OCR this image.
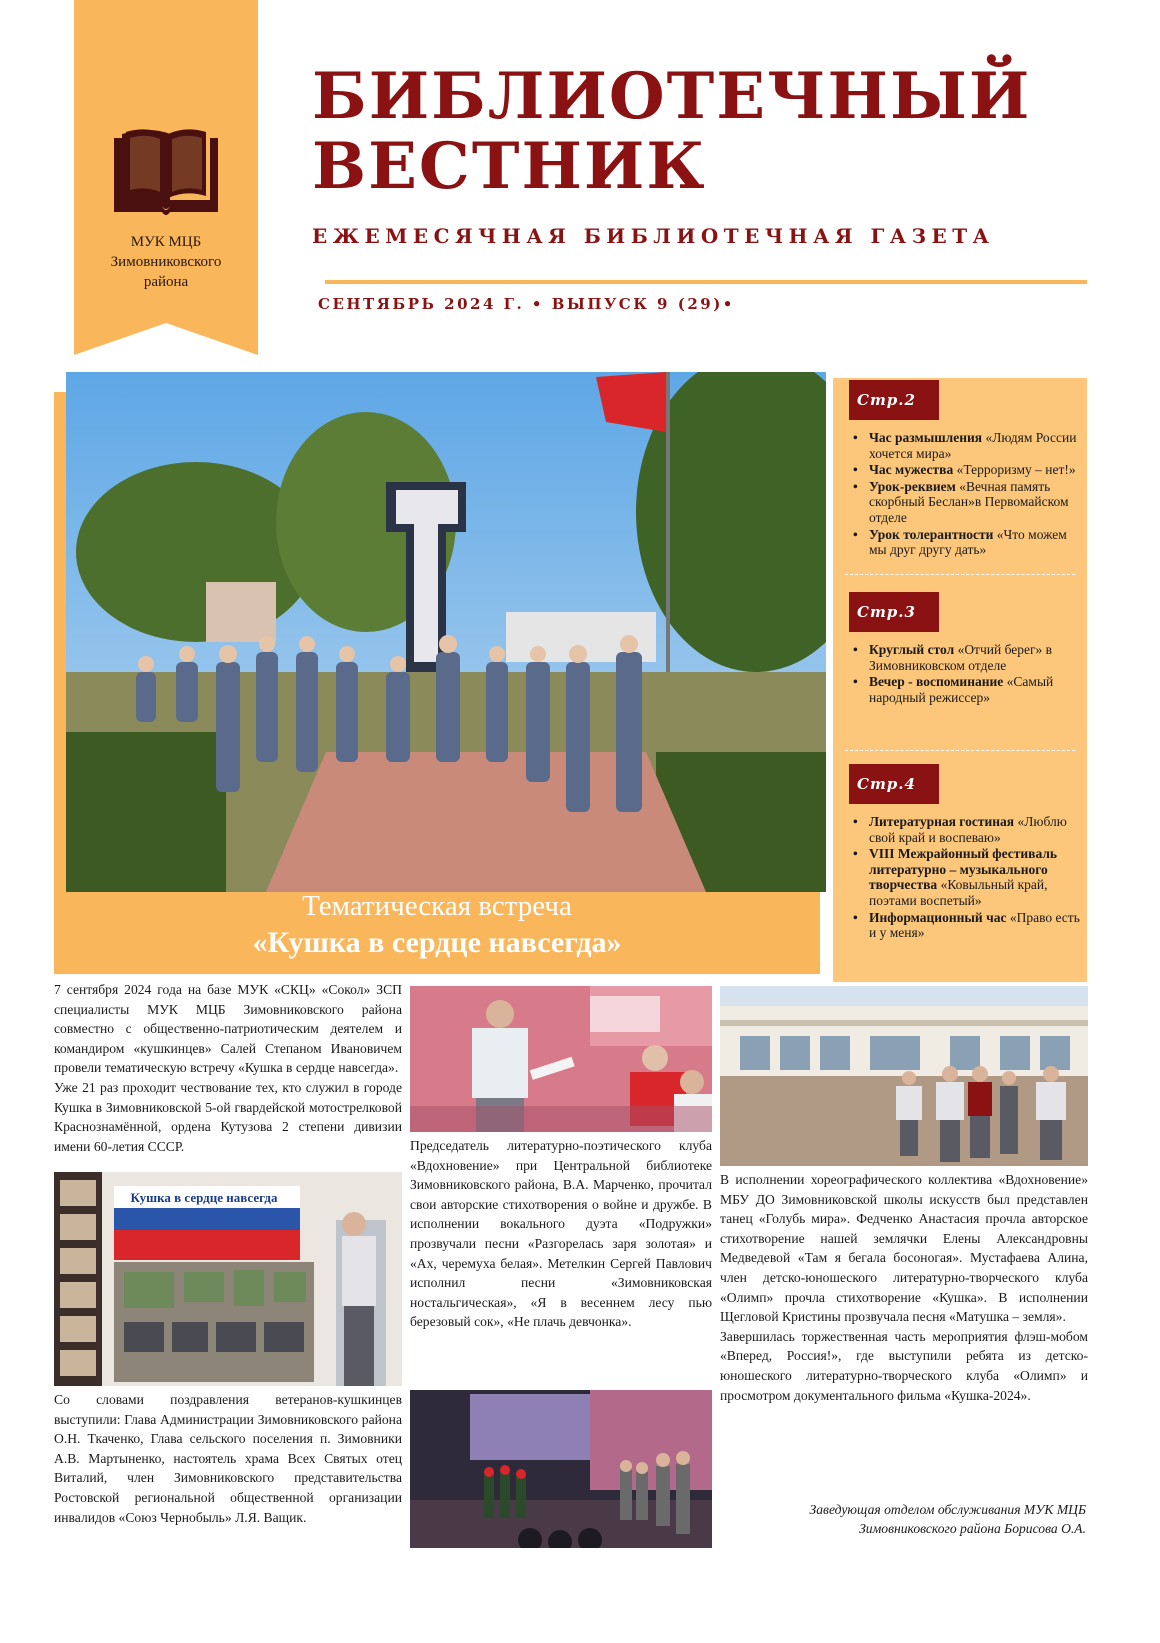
МУК МЦБ
Зимовниковского
района
БИБЛИОТЕЧНЫЙ
ВЕСТНИК
ЕЖЕМЕСЯЧНАЯ БИБЛИОТЕЧНАЯ ГАЗЕТА
СЕНТЯБРЬ 2024 Г. • ВЫПУСК 9 (29)•
Тематическая встреча
«Кушка в сердце навсегда»
Стр.2
• Час размышления «Людям России хочется мира»
• Час мужества «Терроризму – нет!»
• Урок-реквием «Вечная память скорбный Беслан»в Первомайском отделе
• Урок толерантности «Что можем мы друг другу дать»
Стр.3
• Круглый стол «Отчий берег» в Зимовниковском отделе
• Вечер - воспоминание «Самый народный режиссер»
Стр.4
• Литературная гостиная «Люблю свой край и воспеваю»
• VIII Межрайонный фестиваль литературно – музыкального творчества «Ковыльный край, поэтами воспетый»
• Информационный час «Право есть и у меня»

7 сентября 2024 года на базе МУК «СКЦ» «Сокол» ЗСП специалисты МУК МЦБ Зимовниковского района совместно с общественно-патриотическим деятелем и командиром «кушкинцев» Салей Степаном Ивановичем провели тематическую встречу «Кушка в сердце навсегда».

Уже 21 раз проходит чествование тех, кто служил в городе Кушка в Зимовниковской 5-ой гвардейской мотострелковой Краснознамённой, ордена Кутузова 2 степени дивизии имени 60-летия СССР.

Кушка в сердце навсегда

Со словами поздравления ветеранов-кушкинцев выступили: Глава Администрации Зимовниковского района О.Н. Ткаченко, Глава сельского поселения п. Зимовники А.В. Мартыненко, настоятель храма Всех Святых отец Виталий, член Зимовниковского представительства Ростовской региональной общественной организации инвалидов «Союз Чернобыль» Л.Я. Ващик.

Председатель литературно-поэтического клуба «Вдохновение» при Центральной библиотеке Зимовниковского района, В.А. Марченко, прочитал свои авторские стихотворения о войне и дружбе. В исполнении вокального дуэта «Подружки» прозвучали песни «Разгорелась заря золотая» и «Ах, черемуха белая». Метелкин Сергей Павлович исполнил песни «Зимовниковская ностальгическая», «Я в весеннем лесу пью березовый сок», «Не плачь девчонка».

В исполнении хореографического коллектива «Вдохновение» МБУ ДО Зимовниковской школы искусств был представлен танец «Голубь мира». Федченко Анастасия прочла авторское стихотворение нашей землячки Елены Александровны Медведевой «Там я бегала босоногая». Мустафаева Алина, член детско-юношеского литературно-творческого клуба «Олимп» прочла стихотворение «Кушка». В исполнении Щегловой Кристины прозвучала песня «Матушка – земля».

Завершилась торжественная часть мероприятия флэш-мобом «Вперед, Россия!», где выступили ребята из детско-юношеского литературно-творческого клуба «Олимп» и просмотром документального фильма «Кушка-2024».

Заведующая отделом обслуживания МУК МЦБ
Зимовниковского района Борисова О.А.
